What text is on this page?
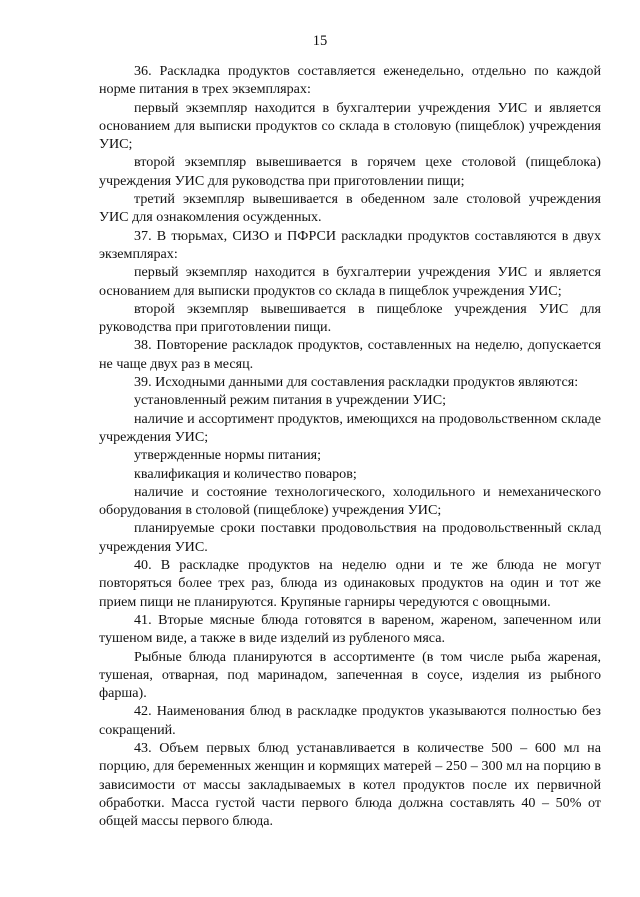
15

36. Раскладка продуктов составляется еженедельно, отдельно по каждой норме питания в трех экземплярах:

первый экземпляр находится в бухгалтерии учреждения УИС и является основанием для выписки продуктов со склада в столовую (пищеблок) учреждения УИС;

второй экземпляр вывешивается в горячем цехе столовой (пищеблока) учреждения УИС для руководства при приготовлении пищи;

третий экземпляр вывешивается в обеденном зале столовой учреждения УИС для ознакомления осужденных.

37. В тюрьмах, СИЗО и ПФРСИ раскладки продуктов составляются в двух экземплярах:

первый экземпляр находится в бухгалтерии учреждения УИС и является основанием для выписки продуктов со склада в пищеблок учреждения УИС;

второй экземпляр вывешивается в пищеблоке учреждения УИС для руководства при приготовлении пищи.

38. Повторение раскладок продуктов, составленных на неделю, допускается не чаще двух раз в месяц.

39. Исходными данными для составления раскладки продуктов являются:

установленный режим питания в учреждении УИС;

наличие и ассортимент продуктов, имеющихся на продовольственном складе учреждения УИС;

утвержденные нормы питания;

квалификация и количество поваров;

наличие и состояние технологического, холодильного и немеханического оборудования в столовой (пищеблоке) учреждения УИС;

планируемые сроки поставки продовольствия на продовольственный склад учреждения УИС.

40. В раскладке продуктов на неделю одни и те же блюда не могут повторяться более трех раз, блюда из одинаковых продуктов на один и тот же прием пищи не планируются. Крупяные гарниры чередуются с овощными.

41. Вторые мясные блюда готовятся в вареном, жареном, запеченном или тушеном виде, а также в виде изделий из рубленого мяса.

Рыбные блюда планируются в ассортименте (в том числе рыба жареная, тушеная, отварная, под маринадом, запеченная в соусе, изделия из рыбного фарша).

42. Наименования блюд в раскладке продуктов указываются полностью без сокращений.

43. Объем первых блюд устанавливается в количестве 500 – 600 мл на порцию, для беременных женщин и кормящих матерей – 250 – 300 мл на порцию в зависимости от массы закладываемых в котел продуктов после их первичной обработки. Масса густой части первого блюда должна составлять 40 – 50% от общей массы первого блюда.
